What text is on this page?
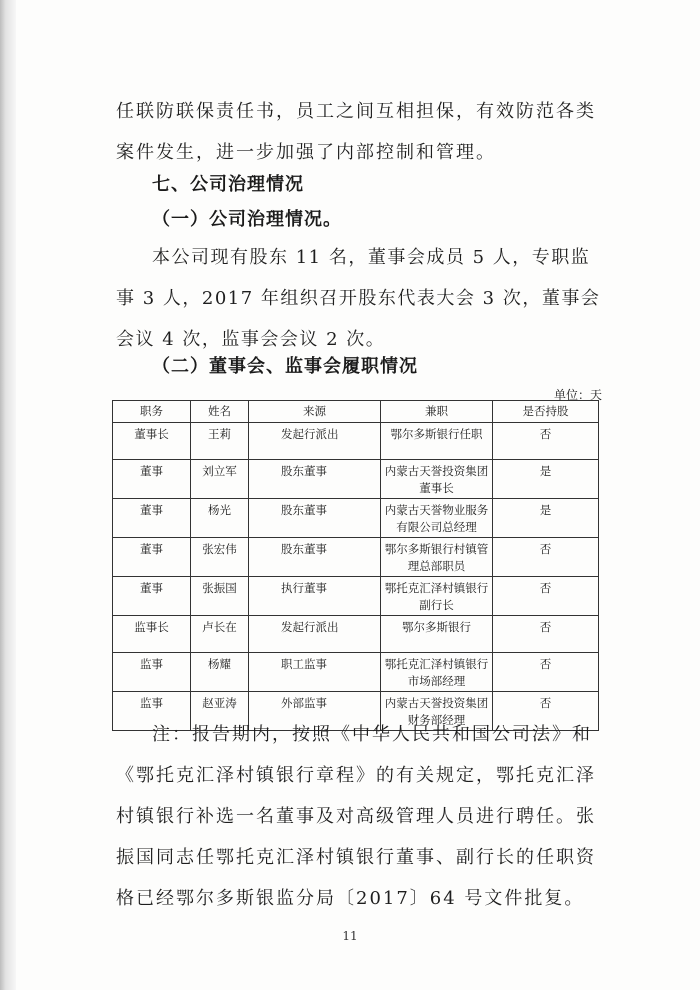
任联防联保责任书，员工之间互相担保，有效防范各类案件发生，进一步加强了内部控制和管理。

七、公司治理情况
（一）公司治理情况。

本公司现有股东 11 名，董事会成员 5 人，专职监事 3 人，2017 年组织召开股东代表大会 3 次，董事会会议 4 次，监事会会议 2 次。

（二）董事会、监事会履职情况
单位：天
职务	姓名	来源	兼职	是否持股
董事长	王莉	发起行派出	鄂尔多斯银行任职	否
董事	刘立军	股东董事	内蒙古天誉投资集团董事长	是
董事	杨光	股东董事	内蒙古天誉物业服务有限公司总经理	是
董事	张宏伟	股东董事	鄂尔多斯银行村镇管理总部职员	否
董事	张振国	执行董事	鄂托克汇泽村镇银行副行长	否
监事长	卢长在	发起行派出	鄂尔多斯银行	否
监事	杨耀	职工监事	鄂托克汇泽村镇银行市场部经理	否
监事	赵亚涛	外部监事	内蒙古天誉投资集团财务部经理	否

注：报告期内，按照《中华人民共和国公司法》和《鄂托克汇泽村镇银行章程》的有关规定，鄂托克汇泽村镇银行补选一名董事及对高级管理人员进行聘任。张振国同志任鄂托克汇泽村镇银行董事、副行长的任职资格已经鄂尔多斯银监分局〔2017〕64 号文件批复。

11
